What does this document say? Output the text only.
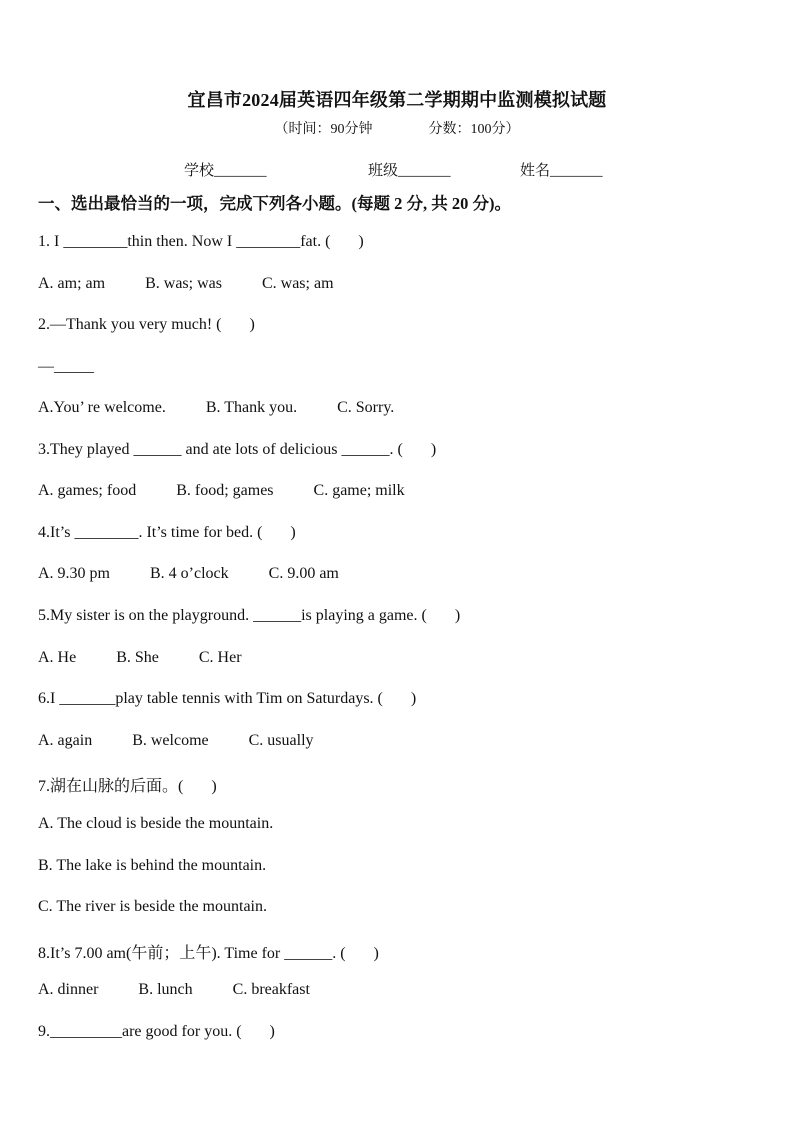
宜昌市2024届英语四年级第二学期期中监测模拟试题
（时间：90分钟                分数：100分）
学校_______	班级_______	姓名_______
一、选出最恰当的一项，完成下列各小题。(每题 2 分, 共 20 分)。
1. I ________thin then. Now I ________fat. (       )
A. am; am          B. was; was          C. was; am
2.—Thank you very much! (       )
—_____
A.You’ re welcome.          B. Thank you.          C. Sorry.
3.They played ______ and ate lots of delicious ______. (       )
A. games; food          B. food; games          C. game; milk
4.It’s ________. It’s time for bed. (       )
A. 9.30 pm          B. 4 o’clock          C. 9.00 am
5.My sister is on the playground. ______is playing a game. (       )
A. He          B. She          C. Her
6.I _______play table tennis with Tim on Saturdays. (       )
A. again          B. welcome          C. usually
7.湖在山脉的后面。(       )
A. The cloud is beside the mountain.
B. The lake is behind the mountain.
C. The river is beside the mountain.
8.It’s 7.00 am(午前；上午). Time for ______. (       )
A. dinner          B. lunch          C. breakfast
9._________are good for you. (       )
